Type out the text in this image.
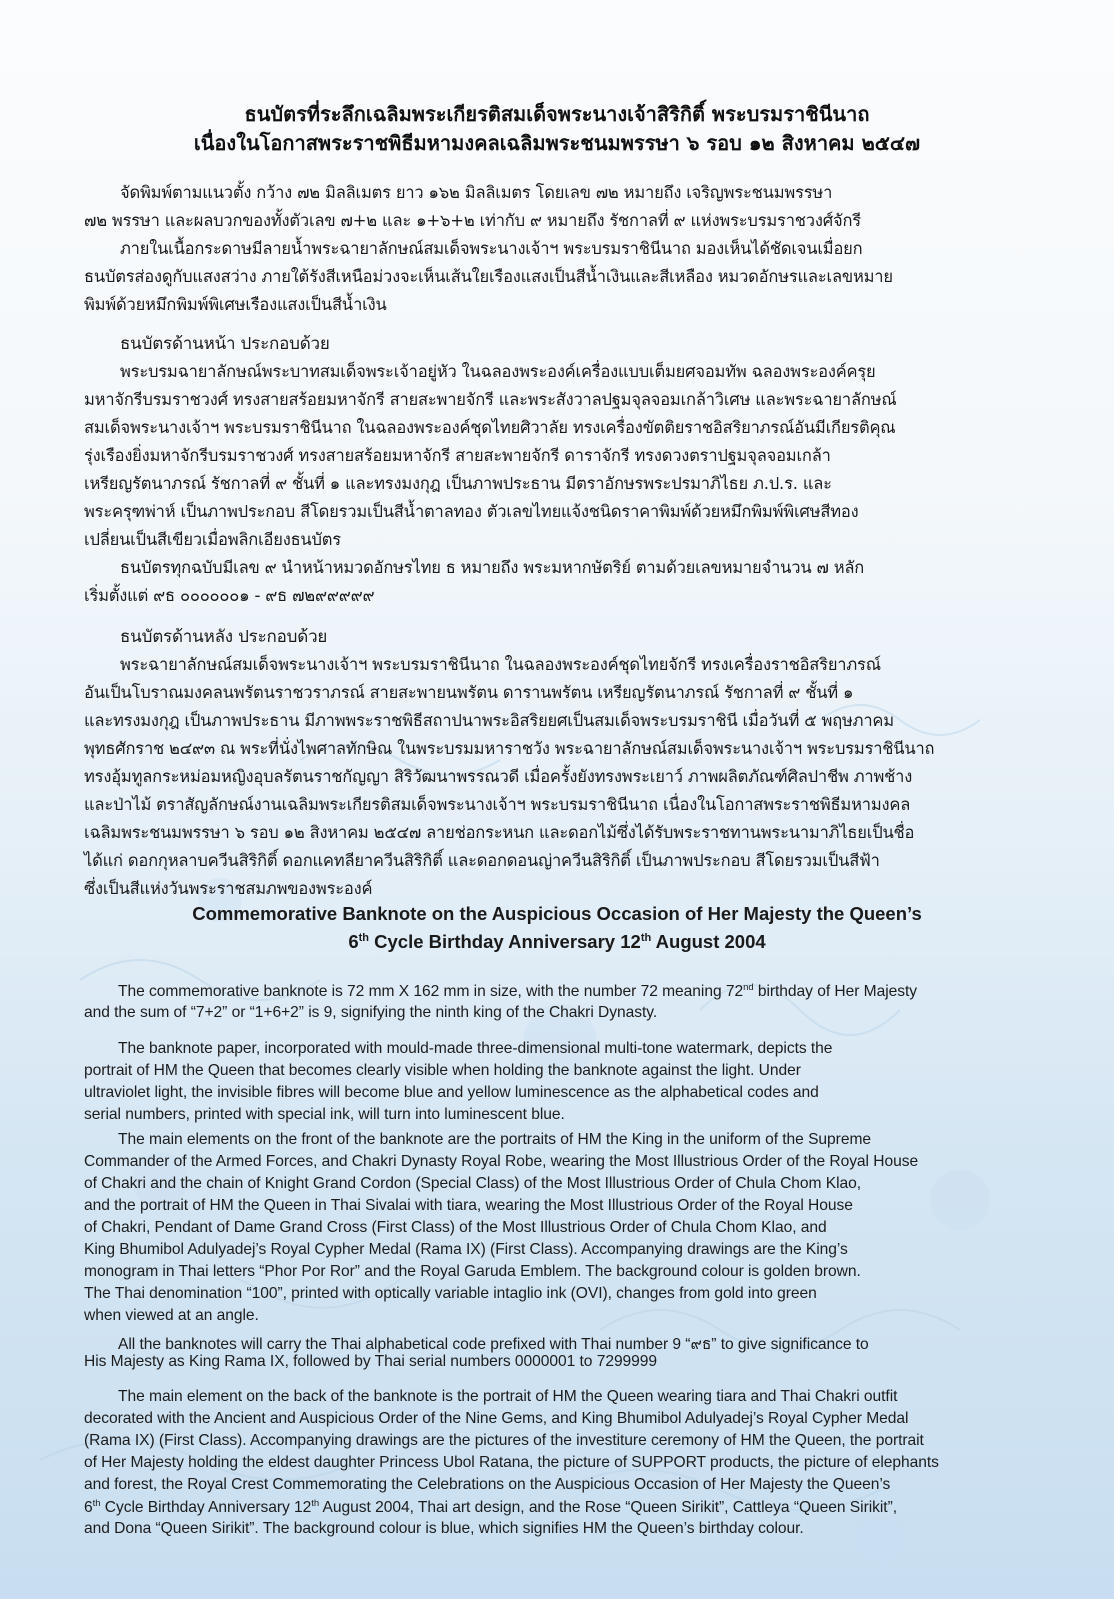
ธนบัตรที่ระลึกเฉลิมพระเกียรติสมเด็จพระนางเจ้าสิริกิติ์ พระบรมราชินีนาถ
เนื่องในโอกาสพระราชพิธีมหามงคลเฉลิมพระชนมพรรษา ๖ รอบ ๑๒ สิงหาคม ๒๕๔๗
จัดพิมพ์ตามแนวตั้ง กว้าง ๗๒ มิลลิเมตร ยาว ๑๖๒ มิลลิเมตร โดยเลข ๗๒ หมายถึง เจริญพระชนมพรรษา
๗๒ พรรษา และผลบวกของทั้งตัวเลข ๗+๒ และ ๑+๖+๒ เท่ากับ ๙ หมายถึง รัชกาลที่ ๙ แห่งพระบรมราชวงศ์จักรี
ภายในเนื้อกระดาษมีลายน้ำพระฉายาลักษณ์สมเด็จพระนางเจ้าฯ พระบรมราชินีนาถ มองเห็นได้ชัดเจนเมื่อยก
ธนบัตรส่องดูกับแสงสว่าง ภายใต้รังสีเหนือม่วงจะเห็นเส้นใยเรืองแสงเป็นสีน้ำเงินและสีเหลือง หมวดอักษรและเลขหมาย
พิมพ์ด้วยหมึกพิมพ์พิเศษเรืองแสงเป็นสีน้ำเงิน
ธนบัตรด้านหน้า ประกอบด้วย
พระบรมฉายาลักษณ์พระบาทสมเด็จพระเจ้าอยู่หัว ในฉลองพระองค์เครื่องแบบเต็มยศจอมทัพ ฉลองพระองค์ครุย
มหาจักรีบรมราชวงศ์ ทรงสายสร้อยมหาจักรี สายสะพายจักรี และพระสังวาลปฐมจุลจอมเกล้าวิเศษ และพระฉายาลักษณ์
สมเด็จพระนางเจ้าฯ พระบรมราชินีนาถ ในฉลองพระองค์ชุดไทยศิวาลัย ทรงเครื่องขัตติยราชอิสริยาภรณ์อันมีเกียรติคุณ
รุ่งเรืองยิ่งมหาจักรีบรมราชวงศ์ ทรงสายสร้อยมหาจักรี สายสะพายจักรี ดาราจักรี ทรงดวงตราปฐมจุลจอมเกล้า
เหรียญรัตนาภรณ์ รัชกาลที่ ๙ ชั้นที่ ๑ และทรงมงกุฎ เป็นภาพประธาน มีตราอักษรพระปรมาภิไธย ภ.ป.ร. และ
พระครุฑพ่าห์ เป็นภาพประกอบ สีโดยรวมเป็นสีน้ำตาลทอง ตัวเลขไทยแจ้งชนิดราคาพิมพ์ด้วยหมึกพิมพ์พิเศษสีทอง
เปลี่ยนเป็นสีเขียวเมื่อพลิกเอียงธนบัตร
ธนบัตรทุกฉบับมีเลข ๙ นำหน้าหมวดอักษรไทย ธ หมายถึง พระมหากษัตริย์ ตามด้วยเลขหมายจำนวน ๗ หลัก
เริ่มตั้งแต่ ๙ธ ๐๐๐๐๐๐๑ - ๙ธ ๗๒๙๙๙๙๙
ธนบัตรด้านหลัง ประกอบด้วย
พระฉายาลักษณ์สมเด็จพระนางเจ้าฯ พระบรมราชินีนาถ ในฉลองพระองค์ชุดไทยจักรี ทรงเครื่องราชอิสริยาภรณ์
อันเป็นโบราณมงคลนพรัตนราชวราภรณ์ สายสะพายนพรัตน ดารานพรัตน เหรียญรัตนาภรณ์ รัชกาลที่ ๙ ชั้นที่ ๑
และทรงมงกุฎ เป็นภาพประธาน มีภาพพระราชพิธีสถาปนาพระอิสริยยศเป็นสมเด็จพระบรมราชินี เมื่อวันที่ ๕ พฤษภาคม
พุทธศักราช ๒๔๙๓ ณ พระที่นั่งไพศาลทักษิณ ในพระบรมมหาราชวัง พระฉายาลักษณ์สมเด็จพระนางเจ้าฯ พระบรมราชินีนาถ
ทรงอุ้มทูลกระหม่อมหญิงอุบลรัตนราชกัญญา สิริวัฒนาพรรณวดี เมื่อครั้งยังทรงพระเยาว์ ภาพผลิตภัณฑ์ศิลปาชีพ ภาพช้าง
และป่าไม้ ตราสัญลักษณ์งานเฉลิมพระเกียรติสมเด็จพระนางเจ้าฯ พระบรมราชินีนาถ เนื่องในโอกาสพระราชพิธีมหามงคล
เฉลิมพระชนมพรรษา ๖ รอบ ๑๒ สิงหาคม ๒๕๔๗ ลายช่อกระหนก และดอกไม้ซึ่งได้รับพระราชทานพระนามาภิไธยเป็นชื่อ
ได้แก่ ดอกกุหลาบควีนสิริกิติ์ ดอกแคทลียาควีนสิริกิติ์ และดอกดอนญ่าควีนสิริกิติ์ เป็นภาพประกอบ สีโดยรวมเป็นสีฟ้า
ซึ่งเป็นสีแห่งวันพระราชสมภพของพระองค์
Commemorative Banknote on the Auspicious Occasion of Her Majesty the Queen’s
6th Cycle Birthday Anniversary 12th August 2004
The commemorative banknote is 72 mm X 162 mm in size, with the number 72 meaning 72nd birthday of Her Majesty
and the sum of “7+2” or “1+6+2” is 9, signifying the ninth king of the Chakri Dynasty.
The banknote paper, incorporated with mould-made three-dimensional multi-tone watermark, depicts the
portrait of HM the Queen that becomes clearly visible when holding the banknote against the light. Under
ultraviolet light, the invisible fibres will become blue and yellow luminescence as the alphabetical codes and
serial numbers, printed with special ink, will turn into luminescent blue.
The main elements on the front of the banknote are the portraits of HM the King in the uniform of the Supreme
Commander of the Armed Forces, and Chakri Dynasty Royal Robe, wearing the Most Illustrious Order of the Royal House
of Chakri and the chain of Knight Grand Cordon (Special Class) of the Most Illustrious Order of Chula Chom Klao,
and the portrait of HM the Queen in Thai Sivalai with tiara, wearing the Most Illustrious Order of the Royal House
of Chakri, Pendant of Dame Grand Cross (First Class) of the Most Illustrious Order of Chula Chom Klao, and
King Bhumibol Adulyadej’s Royal Cypher Medal (Rama IX) (First Class). Accompanying drawings are the King’s
monogram in Thai letters “Phor Por Ror” and the Royal Garuda Emblem. The background colour is golden brown.
The Thai denomination “100”, printed with optically variable intaglio ink (OVI), changes from gold into green
when viewed at an angle.
All the banknotes will carry the Thai alphabetical code prefixed with Thai number 9 “๙ธ” to give significance to
His Majesty as King Rama IX, followed by Thai serial numbers 0000001 to 7299999
The main element on the back of the banknote is the portrait of HM the Queen wearing tiara and Thai Chakri outfit
decorated with the Ancient and Auspicious Order of the Nine Gems, and King Bhumibol Adulyadej’s Royal Cypher Medal
(Rama IX) (First Class). Accompanying drawings are the pictures of the investiture ceremony of HM the Queen, the portrait
of Her Majesty holding the eldest daughter Princess Ubol Ratana, the picture of SUPPORT products, the picture of elephants
and forest, the Royal Crest Commemorating the Celebrations on the Auspicious Occasion of Her Majesty the Queen’s
6th Cycle Birthday Anniversary 12th August 2004, Thai art design, and the Rose “Queen Sirikit”, Cattleya “Queen Sirikit”,
and Dona “Queen Sirikit”. The background colour is blue, which signifies HM the Queen’s birthday colour.
